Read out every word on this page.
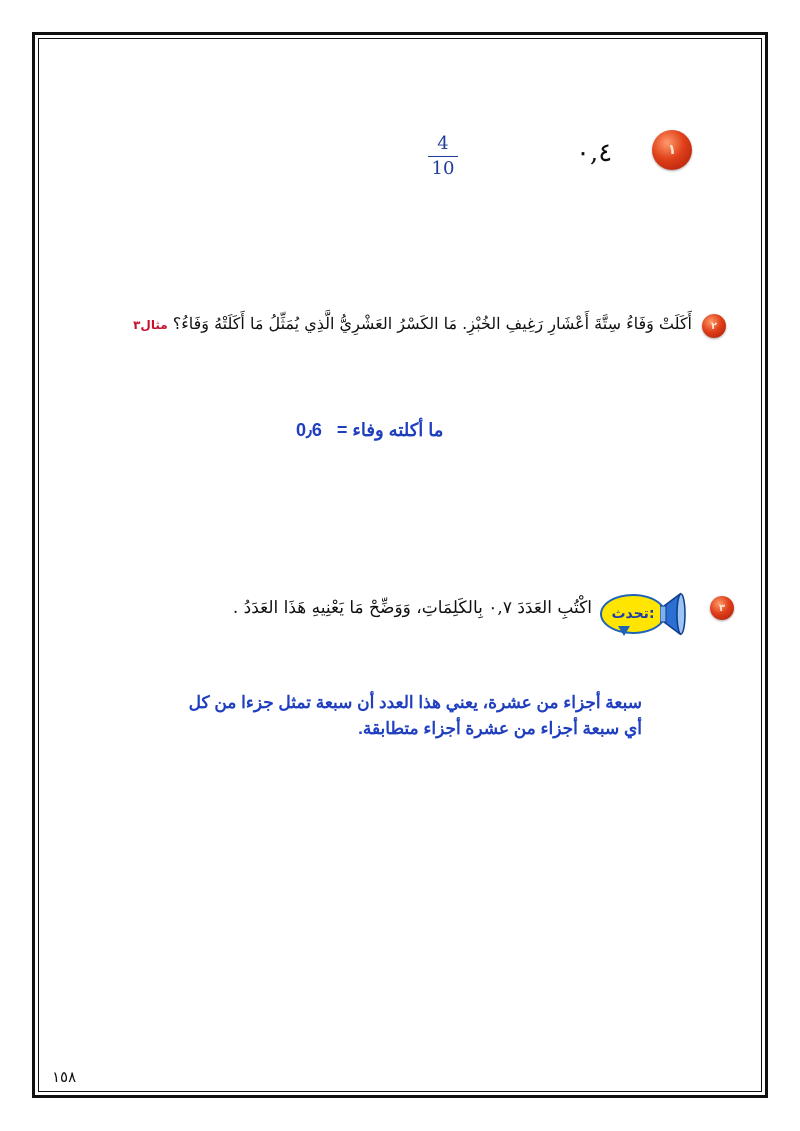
١
٠,٤
4
10
٢
أَكَلَتْ وَفَاءُ سِتَّةَ أَعْشَارِ رَغِيفِ الخُبْزِ. مَا الكَسْرُ العَشْرِيُّ الَّذِي يُمَثِّلُ مَا أَكَلَتْهُ وَفَاءُ؟ مثال٣
0٫6 ما أكلته وفاء =
٣
تحدث:
اكْتُبِ العَدَدَ ٠,٧ بِالكَلِمَاتِ، وَوَضِّحْ مَا يَعْنِيهِ هَذَا العَدَدُ .
سبعة أجزاء من عشرة، يعني هذا العدد أن سبعة تمثل جزءا من كل
أي سبعة أجزاء من عشرة أجزاء متطابقة.
١٥٨
